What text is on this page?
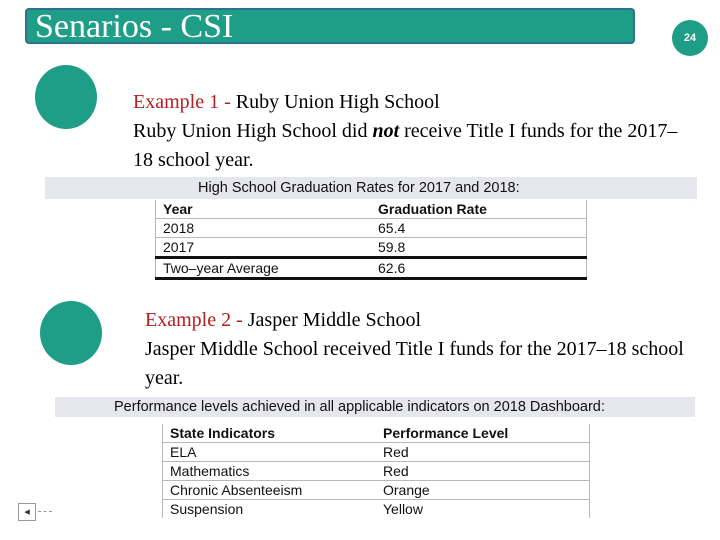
Senarios - CSI	24
Example 1 - Ruby Union High School
Ruby Union High School did not receive Title I funds for the 2017–18 school year.
High School Graduation Rates for 2017 and 2018:
Year	Graduation Rate
2018	65.4
2017	59.8
Two–year Average	62.6
Example 2 - Jasper Middle School
Jasper Middle School received Title I funds for the 2017–18 school year.
Performance levels achieved in all applicable indicators on 2018 Dashboard:
State Indicators	Performance Level
ELA	Red
Mathematics	Red
Chronic Absenteeism	Orange
Suspension	Yellow
◂
